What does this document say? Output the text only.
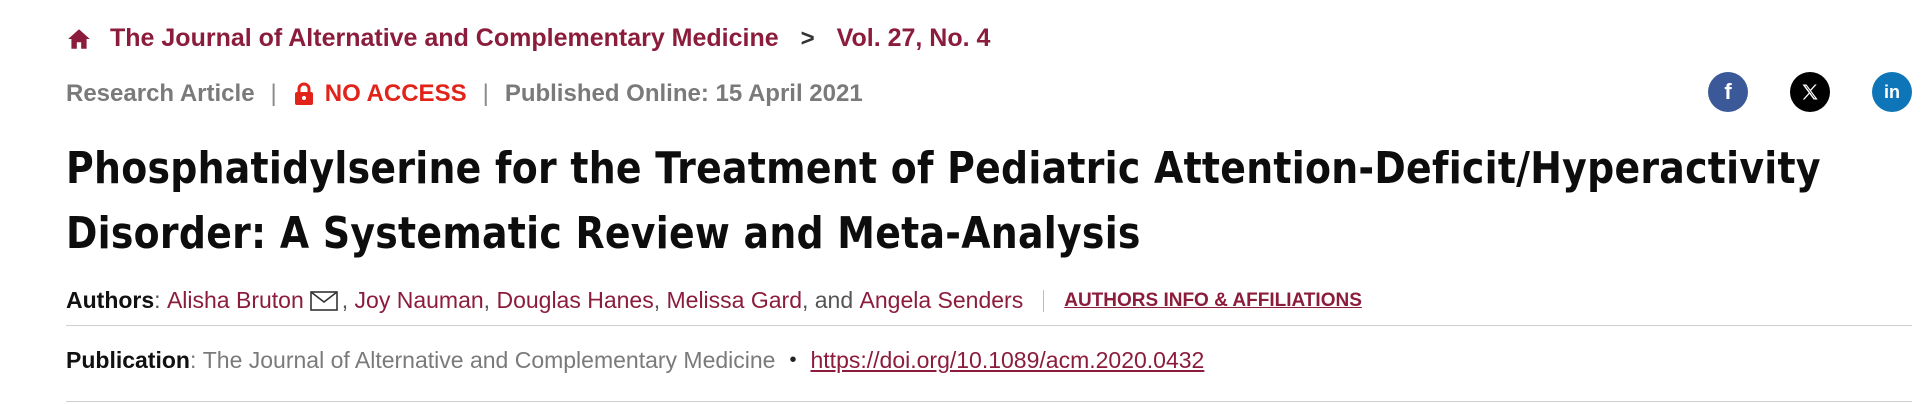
The Journal of Alternative and Complementary Medicine > Vol. 27, No. 4
Research Article | NO ACCESS | Published Online: 15 April 2021	f	in
Phosphatidylserine for the Treatment of Pediatric Attention-Deficit/Hyperactivity
Disorder: A Systematic Review and Meta-Analysis
Authors : Alisha Bruton , Joy Nauman , Douglas Hanes , Melissa Gard , and Angela Senders AUTHORS INFO & AFFILIATIONS
Publication : The Journal of Alternative and Complementary Medicine • https://doi.org/10.1089/acm.2020.0432
